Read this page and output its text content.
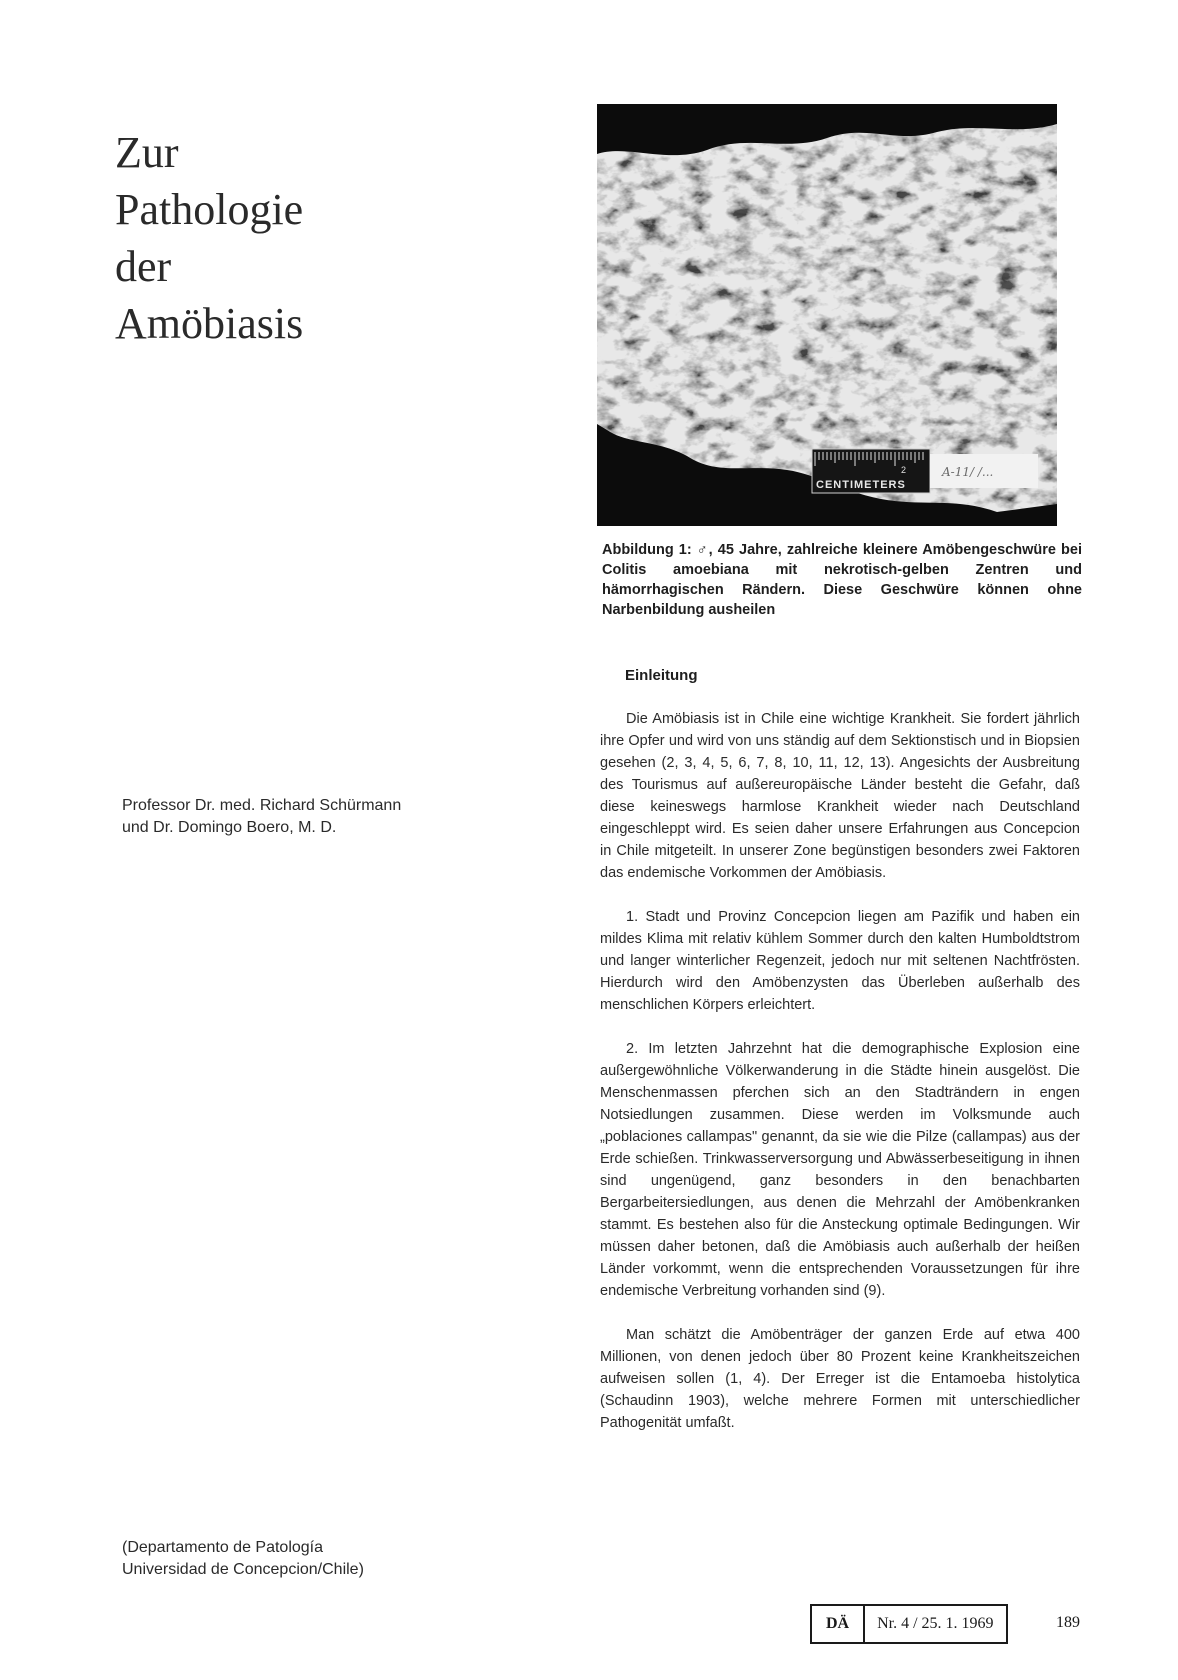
Zur
Pathologie
der
Amöbiasis
2
CENTIMETERS
A-11/ /...
Abbildung 1: ♂, 45 Jahre, zahlreiche kleinere Amöbengeschwüre bei Colitis amoebiana mit nekrotisch-gelben Zentren und hämorrhagischen Rändern. Diese Geschwüre können ohne Narbenbildung ausheilen
Einleitung

Die Amöbiasis ist in Chile eine wichtige Krankheit. Sie fordert jährlich ihre Opfer und wird von uns ständig auf dem Sektionstisch und in Biopsien gesehen (2, 3, 4, 5, 6, 7, 8, 10, 11, 12, 13). Angesichts der Ausbreitung des Tourismus auf außereuropäische Länder besteht die Gefahr, daß diese keineswegs harmlose Krankheit wieder nach Deutschland eingeschleppt wird. Es seien daher unsere Erfahrungen aus Concepcion in Chile mitgeteilt. In unserer Zone begünstigen besonders zwei Faktoren das endemische Vorkommen der Amöbiasis.

1. Stadt und Provinz Concepcion liegen am Pazifik und haben ein mildes Klima mit relativ kühlem Sommer durch den kalten Humboldtstrom und langer winterlicher Regenzeit, jedoch nur mit seltenen Nachtfrösten. Hierdurch wird den Amöbenzysten das Überleben außerhalb des menschlichen Körpers erleichtert.

2. Im letzten Jahrzehnt hat die demographische Explosion eine außergewöhnliche Völkerwanderung in die Städte hinein ausgelöst. Die Menschenmassen pferchen sich an den Stadträndern in engen Notsiedlungen zusammen. Diese werden im Volksmunde auch „poblaciones callampas" genannt, da sie wie die Pilze (callampas) aus der Erde schießen. Trinkwasserversorgung und Abwässerbeseitigung in ihnen sind ungenügend, ganz besonders in den benachbarten Bergarbeitersiedlungen, aus denen die Mehrzahl der Amöbenkranken stammt. Es bestehen also für die Ansteckung optimale Bedingungen. Wir müssen daher betonen, daß die Amöbiasis auch außerhalb der heißen Länder vorkommt, wenn die entsprechenden Voraussetzungen für ihre endemische Verbreitung vorhanden sind (9).

Man schätzt die Amöbenträger der ganzen Erde auf etwa 400 Millionen, von denen jedoch über 80 Prozent keine Krankheitszeichen aufweisen sollen (1, 4). Der Erreger ist die Entamoeba histolytica (Schaudinn 1903), welche mehrere Formen mit unterschiedlicher Pathogenität umfaßt.

Professor Dr. med. Richard Schürmann
und Dr. Domingo Boero, M. D.
(Departamento de Patología
Universidad de Concepcion/Chile)
DÄ	Nr. 4 / 25. 1. 1969	189
